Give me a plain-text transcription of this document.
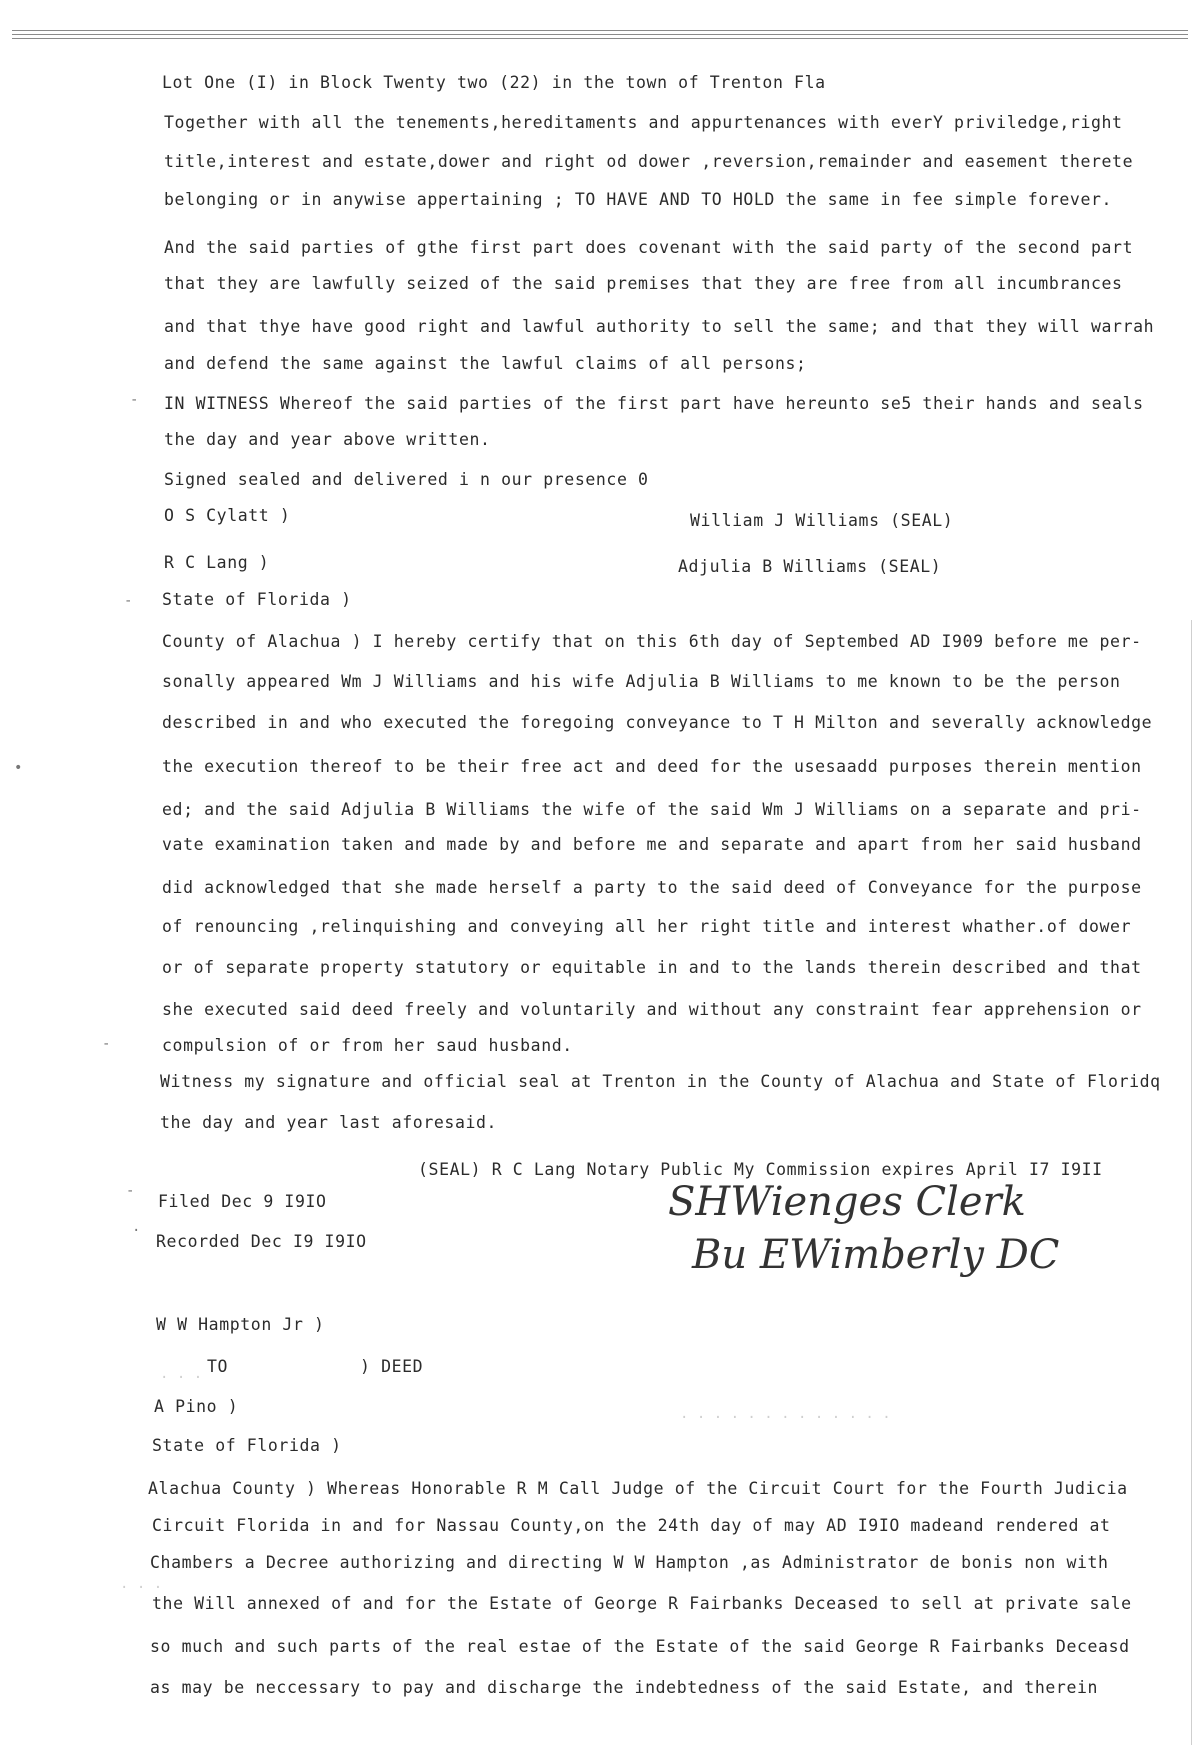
-
-
-
-
·
•
· · · · · · · · · · · · ·
· · ·
· · ·
Lot One (I) in Block Twenty two (22) in the town of Trenton Fla
Together with all the tenements,hereditaments and appurtenances with everY priviledge,right
title,interest and estate,dower and right od dower ,reversion,remainder and easement therete
belonging or in anywise appertaining ; TO HAVE AND TO HOLD the same in fee simple forever.
And the said parties of gthe first part does covenant with the said party of the second part
that they are lawfully seized of the said premises that they are free from all incumbrances
and that thye have good right and lawful authority to sell the same; and that they will warrah
and defend the same against the lawful claims of all persons;
IN WITNESS Whereof the said parties of the first part have hereunto se5 their hands and seals
the day and year above written.
Signed sealed and delivered i n our presence 0
O S Cylatt )	William J Williams (SEAL)
R C Lang )	Adjulia B Williams (SEAL)
State of Florida )
County of Alachua ) I hereby certify that on this 6th day of Septembed AD I909 before me per-
sonally appeared Wm J Williams and his wife Adjulia B Williams to me known to be the person
described in and who executed the foregoing conveyance to T H Milton and severally acknowledge
the execution thereof to be their free act and deed for the usesaadd purposes therein mention
ed; and the said Adjulia B Williams the wife of the said Wm J Williams on a separate and pri-
vate examination taken and made by and before me and separate and apart from her said husband
did acknowledged that she made herself a party to the said deed of Conveyance for the purpose
of renouncing ,relinquishing and conveying all her right title and interest whather.of dower
or of separate property statutory or equitable in and to the lands therein described and that
she executed said deed freely and voluntarily and without any constraint fear apprehension or
compulsion of or from her saud husband.
Witness my signature and official seal at Trenton in the County of Alachua and State of Floridq
the day and year last aforesaid.
(SEAL) R C Lang Notary Public My Commission expires April I7 I9II
Filed Dec 9 I9IO
Recorded Dec I9 I9IO
SHWienges Clerk
Bu EWimberly DC
W W Hampton Jr )
TO	) DEED
A Pino )
State of Florida )
Alachua County ) Whereas Honorable R M Call Judge of the Circuit Court for the Fourth Judicia
Circuit Florida in and for Nassau County,on the 24th day of may AD I9IO madeand rendered at
Chambers a Decree authorizing and directing W W Hampton ,as Administrator de bonis non with
the Will annexed of and for the Estate of George R Fairbanks Deceased to sell at private sale
so much and such parts of the real estae of the Estate of the said George R Fairbanks Deceasd
as may be neccessary to pay and discharge the indebtedness of the said Estate, and therein
